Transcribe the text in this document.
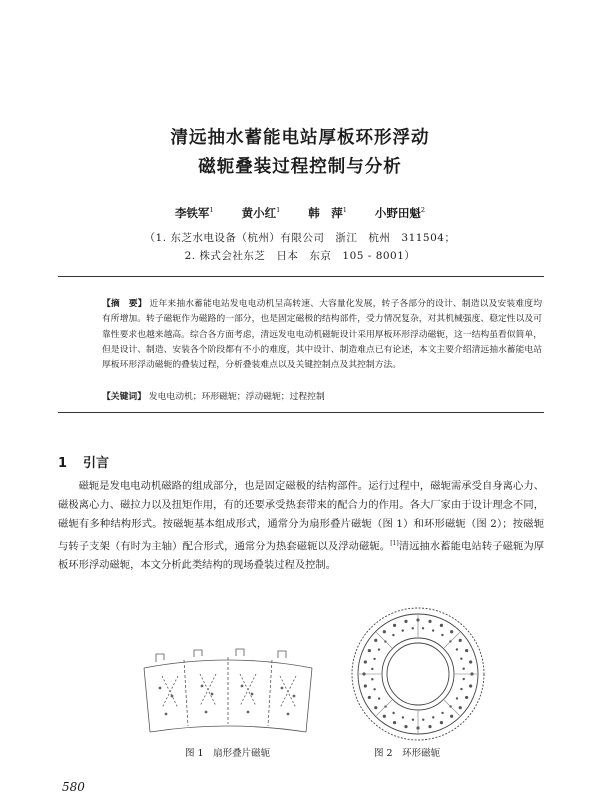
清远抽水蓄能电站厚板环形浮动
磁轭叠装过程控制与分析
李铁军$^1$ 黄小红$^1$ 韩　萍$^1$ 小野田魁$^2$
（1. 东芝水电设备（杭州）有限公司　浙江　杭州　311504；
2. 株式会社东芝　日本　东京　105 - 8001）
【摘　要】 近年来抽水蓄能电站发电电动机呈高转速、大容量化发展，转子各部分的设计、制造以及安装难度均有所增加。转子磁轭作为磁路的一部分，也是固定磁极的结构部件，受力情况复杂，对其机械强度、稳定性以及可靠性要求也越来越高。综合各方面考虑，清远发电电动机磁轭设计采用厚板环形浮动磁轭，这一结构虽看似简单，但是设计、制造、安装各个阶段都有不小的难度，其中设计、制造难点已有论述，本文主要介绍清远抽水蓄能电站厚板环形浮动磁轭的叠装过程，分析叠装难点以及关键控制点及其控制方法。
【关键词】 发电电动机；环形磁轭；浮动磁轭；过程控制
1 引言
磁轭是发电电动机磁路的组成部分，也是固定磁极的结构部件。运行过程中，磁轭需承受自身离心力、磁极离心力、磁拉力以及扭矩作用，有的还要承受热套带来的配合力的作用。各大厂家由于设计理念不同，磁轭有多种结构形式。按磁轭基本组成形式，通常分为扇形叠片磁轭（图 1）和环形磁轭（图 2）；按磁轭与转子支架（有时为主轴）配合形式，通常分为热套磁轭以及浮动磁轭。[1]清远抽水蓄能电站转子磁轭为厚板环形浮动磁轭，本文分析此类结构的现场叠装过程及控制。
图 1　扇形叠片磁轭	图 2　环形磁轭
580
